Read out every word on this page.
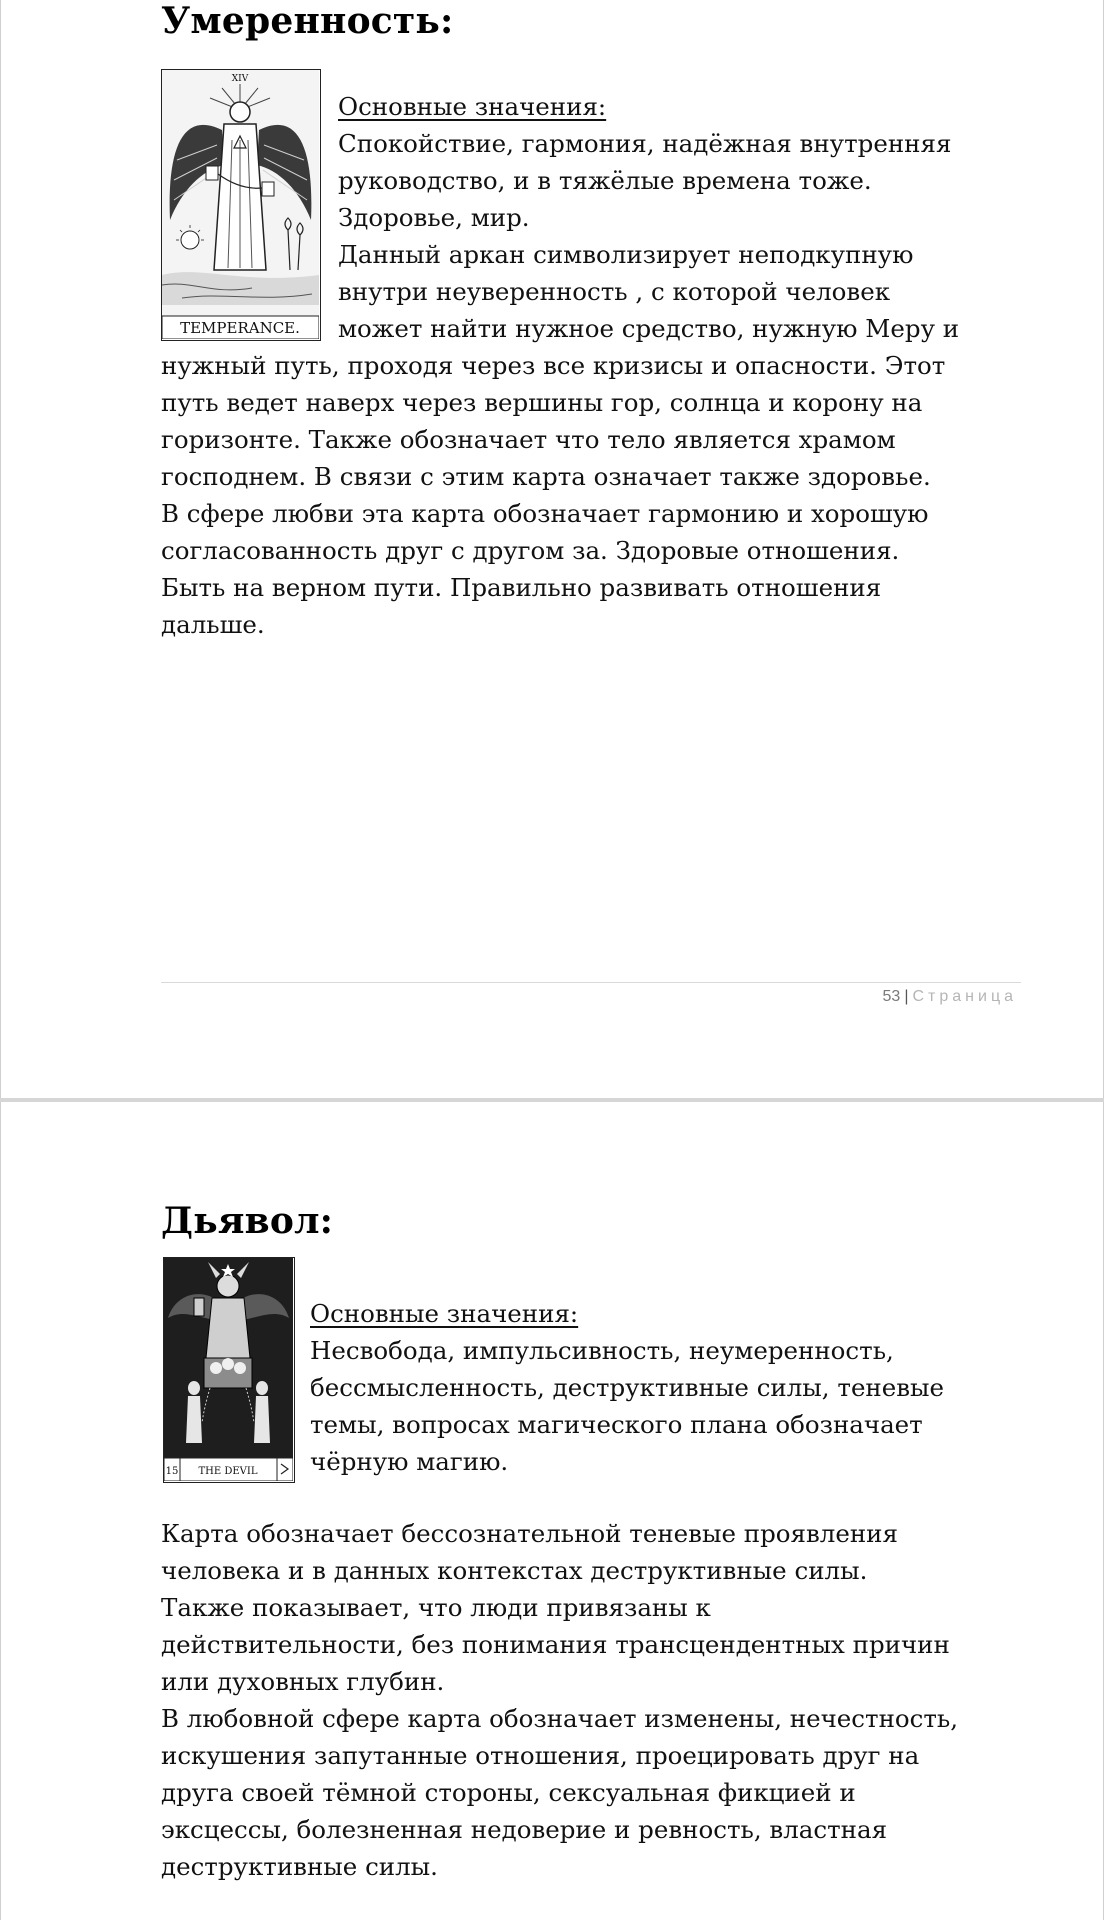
Умеренность:
XIV
TEMPERANCE.

Основные значения:

Спокойствие, гармония, надёжная внутренняя

руководство, и в тяжёлые времена тоже.

Здоровье, мир.

Данный аркан символизирует неподкупную

внутри неуверенность , с которой человек

может найти нужное средство, нужную Меру и

нужный путь, проходя через все кризисы и опасности. Этот

путь ведет наверх через вершины гор, солнца и корону на

горизонте. Также обозначает что тело является храмом

господнем. В связи с этим карта означает также здоровье.

В сфере любви эта карта обозначает гармонию и хорошую

согласованность друг с другом за. Здоровые отношения.

Быть на верном пути. Правильно развивать отношения

дальше.

53 | Страница
Дьявол:
15 THE DEVIL

Основные значения:

Несвобода, импульсивность, неумеренность,

бессмысленность, деструктивные силы, теневые

темы, вопросах магического плана обозначает

чёрную магию.

Карта обозначает бессознательной теневые проявления

человека и в данных контекстах деструктивные силы.

Также показывает, что люди привязаны к

действительности, без понимания трансцендентных причин

или духовных глубин.

В любовной сфере карта обозначает изменены, нечестность,

искушения запутанные отношения, проецировать друг на

друга своей тёмной стороны, сексуальная фикцией и

эксцессы, болезненная недоверие и ревность, властная

деструктивные силы.
